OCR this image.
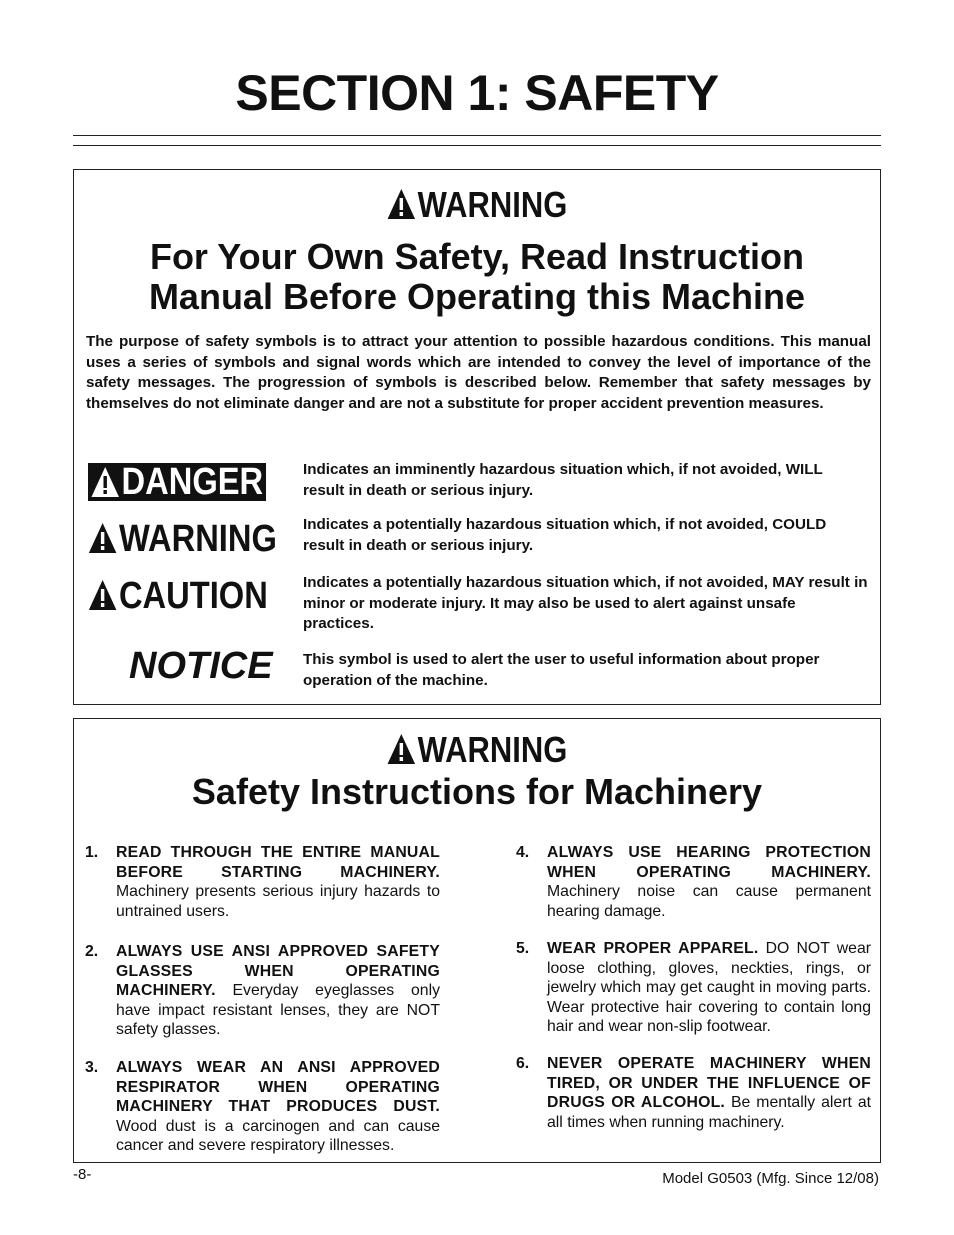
SECTION 1: SAFETY
WARNING
For Your Own Safety, Read Instruction
Manual Before Operating this Machine
The purpose of safety symbols is to attract your attention to possible hazardous conditions. This manual uses a series of symbols and signal words which are intended to convey the level of importance of the safety messages. The progression of symbols is described below. Remember that safety messages by themselves do not eliminate danger and are not a substitute for proper accident prevention measures.
DANGER	Indicates an imminently hazardous situation which, if not avoided, WILL result in death or serious injury.
WARNING Indicates a potentially hazardous situation which, if not avoided, COULD result in death or serious injury.
CAUTION Indicates a potentially hazardous situation which, if not avoided, MAY result in minor or moderate injury. It may also be used to alert against unsafe practices.
NOTICE This symbol is used to alert the user to useful information about proper operation of the machine.
WARNING
Safety Instructions for Machinery
1. READ THROUGH THE ENTIRE MANUAL BEFORE STARTING MACHINERY. Machinery presents serious injury hazards to untrained users.
2. ALWAYS USE ANSI APPROVED SAFETY GLASSES WHEN OPERATING MACHINERY. Everyday eyeglasses only have impact resistant lenses, they are NOT safety glasses.
3. ALWAYS WEAR AN ANSI APPROVED RESPIRATOR WHEN OPERATING MACHINERY THAT PRODUCES DUST. Wood dust is a carcinogen and can cause cancer and severe respiratory illnesses.
4. ALWAYS USE HEARING PROTECTION WHEN OPERATING MACHINERY. Machinery noise can cause permanent hearing damage.
5. WEAR PROPER APPAREL. DO NOT wear loose clothing, gloves, neckties, rings, or jewelry which may get caught in moving parts. Wear protective hair covering to contain long hair and wear non-slip footwear.
6. NEVER OPERATE MACHINERY WHEN TIRED, OR UNDER THE INFLUENCE OF DRUGS OR ALCOHOL. Be mentally alert at all times when running machinery.
-8-	Model G0503 (Mfg. Since 12/08)
